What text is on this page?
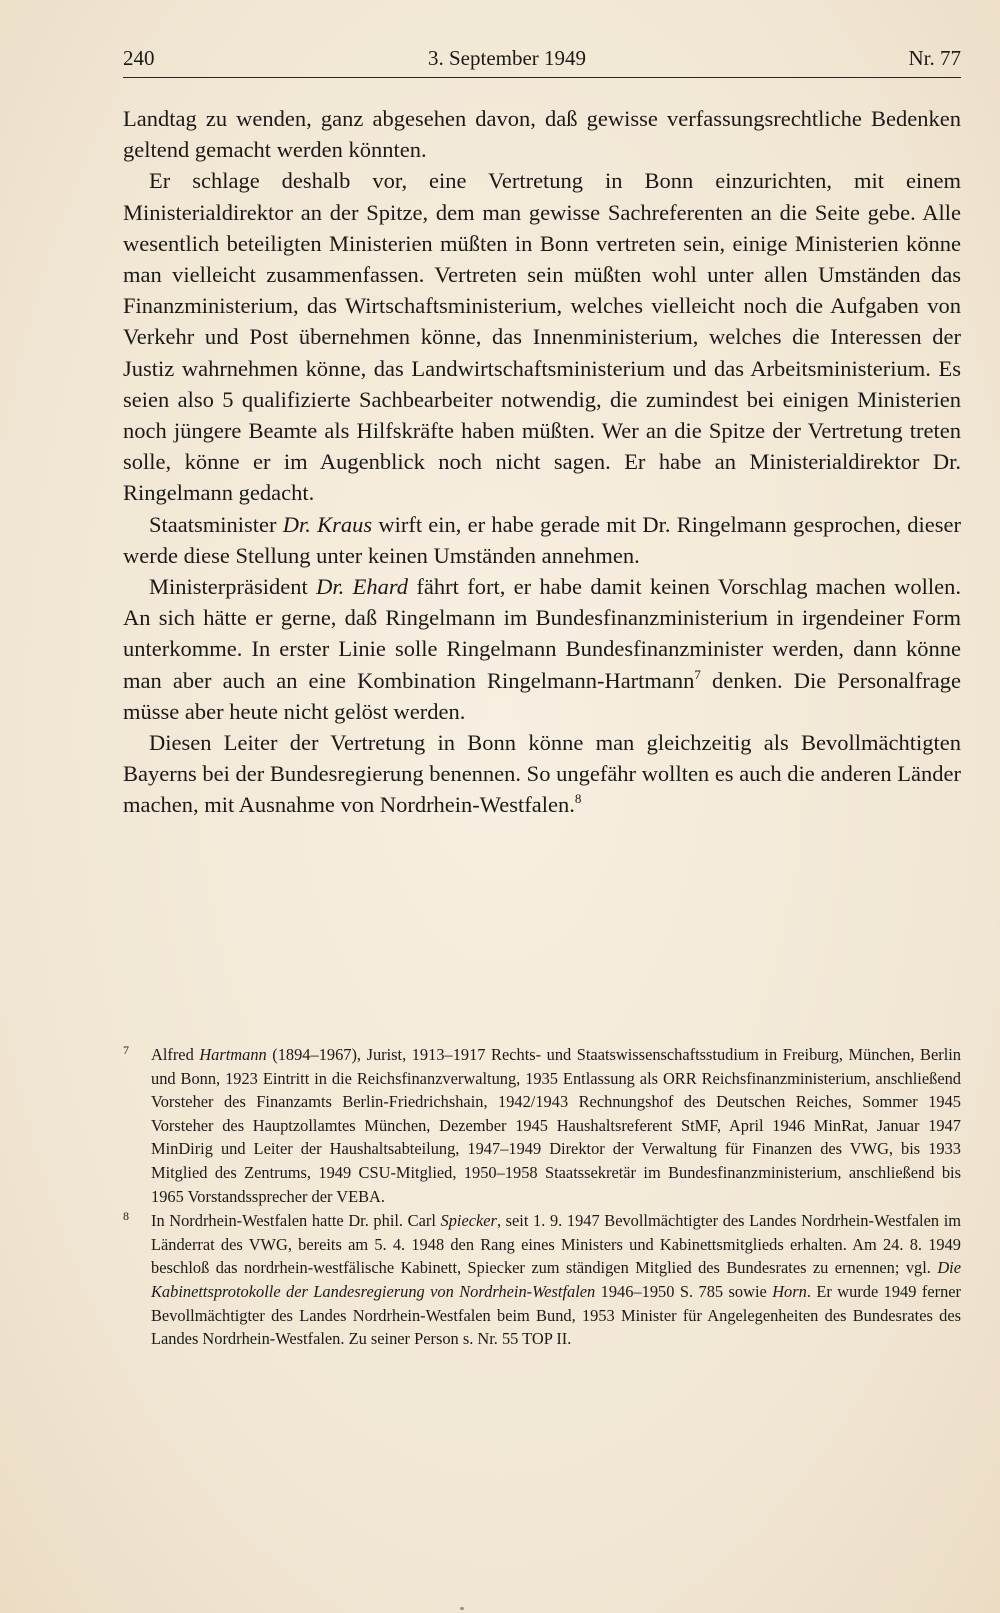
240	3. September 1949	Nr. 77

Landtag zu wenden, ganz abgesehen davon, daß gewisse verfassungsrechtliche Bedenken geltend gemacht werden könnten.

Er schlage deshalb vor, eine Vertretung in Bonn einzurichten, mit einem Ministerialdirektor an der Spitze, dem man gewisse Sachreferenten an die Seite gebe. Alle wesentlich beteiligten Ministerien müßten in Bonn vertreten sein, einige Ministerien könne man vielleicht zusammenfassen. Vertreten sein müßten wohl unter allen Umständen das Finanzministerium, das Wirtschaftsministerium, welches vielleicht noch die Aufgaben von Verkehr und Post übernehmen könne, das Innenministerium, welches die Interessen der Justiz wahrnehmen könne, das Landwirtschaftsministerium und das Arbeitsministerium. Es seien also 5 qualifizierte Sachbearbeiter notwendig, die zumindest bei einigen Ministerien noch jüngere Beamte als Hilfskräfte haben müßten. Wer an die Spitze der Vertretung treten solle, könne er im Augenblick noch nicht sagen. Er habe an Ministerialdirektor Dr. Ringelmann gedacht.

Staatsminister Dr. Kraus wirft ein, er habe gerade mit Dr. Ringelmann gesprochen, dieser werde diese Stellung unter keinen Umständen annehmen.

Ministerpräsident Dr. Ehard fährt fort, er habe damit keinen Vorschlag machen wollen. An sich hätte er gerne, daß Ringelmann im Bundesfinanzministerium in irgendeiner Form unterkomme. In erster Linie solle Ringelmann Bundesfinanzminister werden, dann könne man aber auch an eine Kombination Ringelmann-Hartmann$^7$ denken. Die Personalfrage müsse aber heute nicht gelöst werden.

Diesen Leiter der Vertretung in Bonn könne man gleichzeitig als Bevollmächtigten Bayerns bei der Bundesregierung benennen. So ungefähr wollten es auch die anderen Länder machen, mit Ausnahme von Nordrhein-Westfalen.$^8$

7 Alfred Hartmann (1894–1967), Jurist, 1913–1917 Rechts- und Staatswissenschaftsstudium in Freiburg, München, Berlin und Bonn, 1923 Eintritt in die Reichsfinanzverwaltung, 1935 Entlassung als ORR Reichsfinanzministerium, anschließend Vorsteher des Finanzamts Berlin-Friedrichshain, 1942/1943 Rechnungshof des Deutschen Reiches, Sommer 1945 Vorsteher des Hauptzollamtes München, Dezember 1945 Haushaltsreferent StMF, April 1946 MinRat, Januar 1947 MinDirig und Leiter der Haushaltsabteilung, 1947–1949 Direktor der Verwaltung für Finanzen des VWG, bis 1933 Mitglied des Zentrums, 1949 CSU-Mitglied, 1950–1958 Staatssekretär im Bundesfinanzministerium, anschließend bis 1965 Vorstandssprecher der VEBA.

8 In Nordrhein-Westfalen hatte Dr. phil. Carl Spiecker, seit 1. 9. 1947 Bevollmächtigter des Landes Nordrhein-Westfalen im Länderrat des VWG, bereits am 5. 4. 1948 den Rang eines Ministers und Kabinettsmitglieds erhalten. Am 24. 8. 1949 beschloß das nordrhein-westfälische Kabinett, Spiecker zum ständigen Mitglied des Bundesrates zu ernennen; vgl. Die Kabinettsprotokolle der Landesregierung von Nordrhein-Westfalen 1946–1950 S. 785 sowie Horn. Er wurde 1949 ferner Bevollmächtigter des Landes Nordrhein-Westfalen beim Bund, 1953 Minister für Angelegenheiten des Bundesrates des Landes Nordrhein-Westfalen. Zu seiner Person s. Nr. 55 TOP II.
